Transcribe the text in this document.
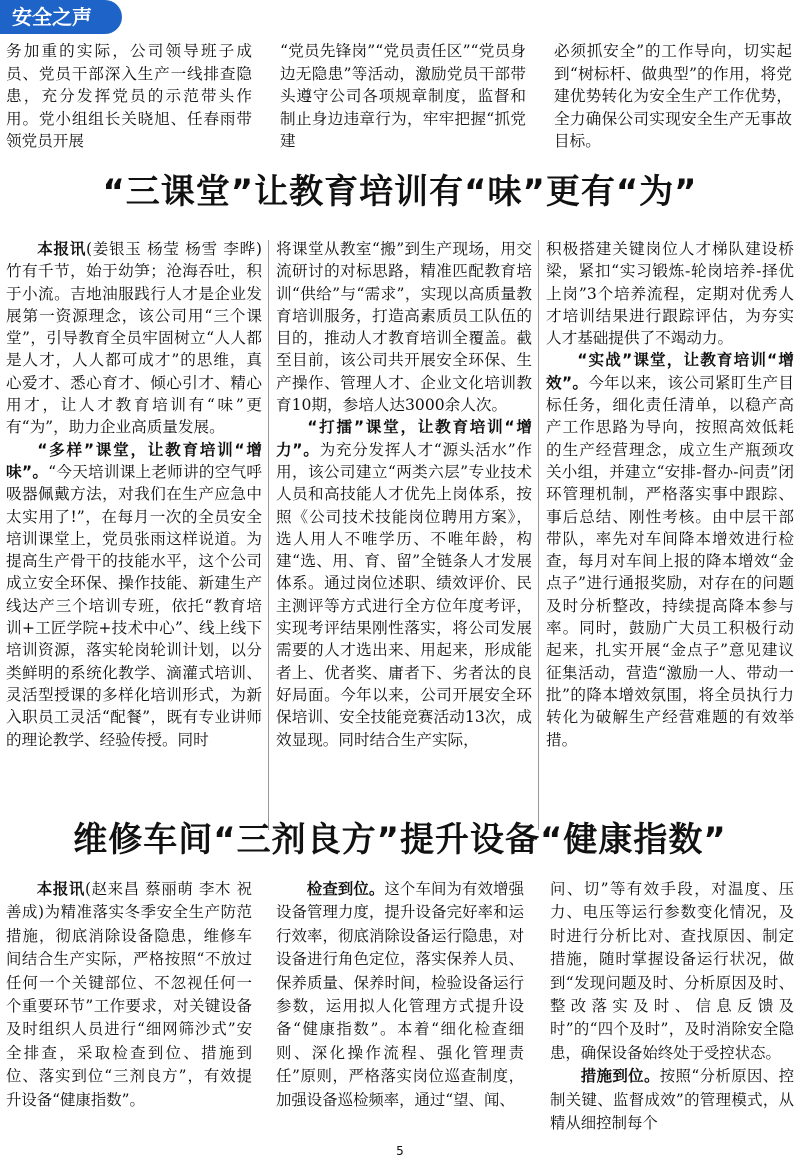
安全之声

务加重的实际，公司领导班子成员、党员干部深入生产一线排查隐患，充分发挥党员的示范带头作用。党小组组长关晓旭、任春雨带领党员开展

“党员先锋岗”“党员责任区”“党员身边无隐患”等活动，激励党员干部带头遵守公司各项规章制度，监督和制止身边违章行为，牢牢把握“抓党建

必须抓安全”的工作导向，切实起到“树标杆、做典型”的作用，将党建优势转化为安全生产工作优势，全力确保公司实现安全生产无事故目标。

“三课堂”让教育培训有“味”更有“为”

本报讯(姜银玉 杨莹 杨雪 李晔)竹有千节，始于幼笋；沧海吞吐，积于小流。吉地油服践行人才是企业发展第一资源理念，该公司用“三个课堂”，引导教育全员牢固树立“人人都是人才，人人都可成才”的思维，真心爱才、悉心育才、倾心引才、精心用才，让人才教育培训有“味”更有“为”，助力企业高质量发展。

“多样”课堂，让教育培训“增味”。“今天培训课上老师讲的空气呼吸器佩戴方法，对我们在生产应急中太实用了!”，在每月一次的全员安全培训课堂上，党员张雨这样说道。为提高生产骨干的技能水平，这个公司成立安全环保、操作技能、新建生产线达产三个培训专班，依托“教育培训+工匠学院+技术中心”、线上线下培训资源，落实轮岗轮训计划，以分类鲜明的系统化教学、滴灌式培训、灵活型授课的多样化培训形式，为新入职员工灵活“配餐”，既有专业讲师的理论教学、经验传授。同时

将课堂从教室“搬”到生产现场，用交流研讨的对标思路，精准匹配教育培训“供给”与“需求”，实现以高质量教育培训服务，打造高素质员工队伍的目的，推动人才教育培训全覆盖。截至目前，该公司共开展安全环保、生产操作、管理人才、企业文化培训教育10期，参培人达3000余人次。

“打擂”课堂，让教育培训“增力”。为充分发挥人才“源头活水”作用，该公司建立“两类六层”专业技术人员和高技能人才优先上岗体系，按照《公司技术技能岗位聘用方案》，选人用人不唯学历、不唯年龄，构建“选、用、育、留”全链条人才发展体系。通过岗位述职、绩效评价、民主测评等方式进行全方位年度考评，实现考评结果刚性落实，将公司发展需要的人才选出来、用起来，形成能者上、优者奖、庸者下、劣者汰的良好局面。今年以来，公司开展安全环保培训、安全技能竞赛活动13次，成效显现。同时结合生产实际，

积极搭建关键岗位人才梯队建设桥梁，紧扣“实习锻炼-轮岗培养-择优上岗”3个培养流程，定期对优秀人才培训结果进行跟踪评估，为夯实人才基础提供了不竭动力。

“实战”课堂，让教育培训“增效”。今年以来，该公司紧盯生产目标任务，细化责任清单，以稳产高产工作思路为导向，按照高效低耗的生产经营理念，成立生产瓶颈攻关小组，并建立“安排-督办-问责”闭环管理机制，严格落实事中跟踪、事后总结、刚性考核。由中层干部带队，率先对车间降本增效进行检查，每月对车间上报的降本增效“金点子”进行通报奖励，对存在的问题及时分析整改，持续提高降本参与率。同时，鼓励广大员工积极行动起来，扎实开展“金点子”意见建议征集活动，营造“激励一人、带动一批”的降本增效氛围，将全员执行力转化为破解生产经营难题的有效举措。

维修车间“三剂良方”提升设备“健康指数”

本报讯(赵来昌 蔡丽萌 李木 祝善成)为精准落实冬季安全生产防范措施，彻底消除设备隐患，维修车间结合生产实际，严格按照“不放过任何一个关键部位、不忽视任何一个重要环节”工作要求，对关键设备及时组织人员进行“细网筛沙式”安全排查，采取检查到位、措施到位、落实到位“三剂良方”，有效提升设备“健康指数”。

检查到位。这个车间为有效增强设备管理力度，提升设备完好率和运行效率，彻底消除设备运行隐患，对设备进行角色定位，落实保养人员、保养质量、保养时间，检验设备运行参数，运用拟人化管理方式提升设备“健康指数”。本着“细化检查细则、深化操作流程、强化管理责任”原则，严格落实岗位巡查制度，加强设备巡检频率，通过“望、闻、

问、切”等有效手段，对温度、压力、电压等运行参数变化情况，及时进行分析比对、查找原因、制定措施，随时掌握设备运行状况，做到“发现问题及时、分析原因及时、整改落实及时、信息反馈及时”的“四个及时”，及时消除安全隐患，确保设备始终处于受控状态。

措施到位。按照“分析原因、控制关键、监督成效”的管理模式，从精从细控制每个

5
